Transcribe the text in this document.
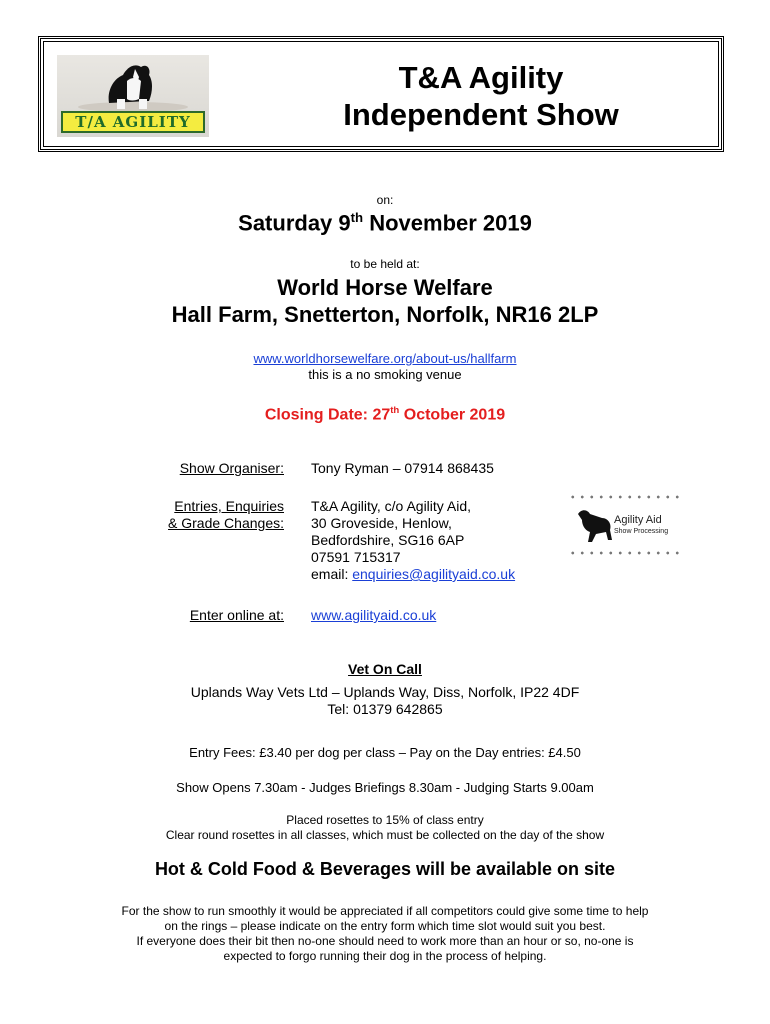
T/A AGILITY
T&A Agility
Independent Show
on:
Saturday 9th November 2019
to be held at:
World Horse Welfare
Hall Farm, Snetterton, Norfolk, NR16 2LP
www.worldhorsewelfare.org/about-us/hallfarm
this is a no smoking venue
Closing Date: 27th October 2019
Show Organiser: Tony Ryman – 07914 868435
Entries, Enquiries
& Grade Changes:
T&A Agility, c/o Agility Aid,
30 Groveside, Henlow,
Bedfordshire, SG16 6AP
07591 715317
email: enquiries@agilityaid.co.uk
Agility Aid
Show Processing
Enter online at: www.agilityaid.co.uk
Vet On Call
Uplands Way Vets Ltd – Uplands Way, Diss, Norfolk, IP22 4DF
Tel: 01379 642865
Entry Fees: £3.40 per dog per class – Pay on the Day entries: £4.50
Show Opens 7.30am - Judges Briefings 8.30am - Judging Starts 9.00am
Placed rosettes to 15% of class entry
Clear round rosettes in all classes, which must be collected on the day of the show
Hot & Cold Food & Beverages will be available on site
For the show to run smoothly it would be appreciated if all competitors could give some time to help
on the rings – please indicate on the entry form which time slot would suit you best.
If everyone does their bit then no-one should need to work more than an hour or so, no-one is
expected to forgo running their dog in the process of helping.
